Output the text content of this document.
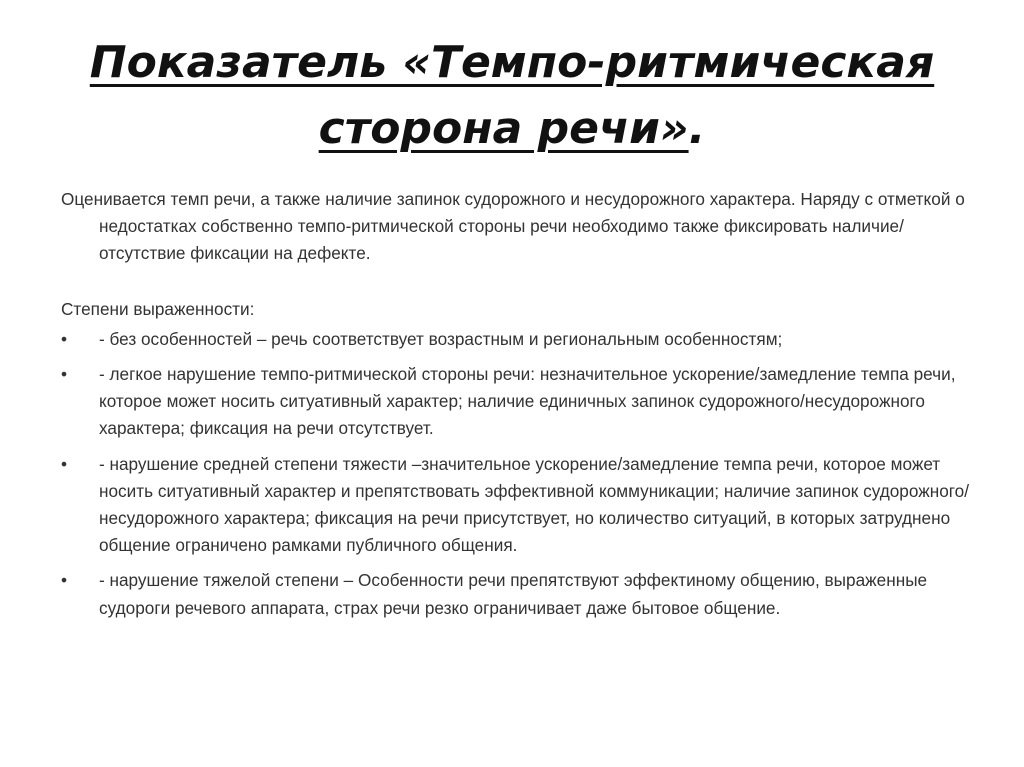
Показатель «Темпо-ритмическая
сторона речи».

Оценивается темп речи, а также наличие запинок судорожного и несудорожного характера. Наряду с отметкой о недостатках собственно темпо-ритмической стороны речи необходимо также фиксировать наличие/отсутствие фиксации на дефекте.

Степени выраженности:

•	- без особенностей – речь соответствует возрастным и региональным особенностям;
•	- легкое нарушение темпо-ритмической стороны речи: незначительное ускорение/замедление темпа речи, которое может носить ситуативный характер; наличие единичных запинок судорожного/несудорожного характера; фиксация на речи отсутствует.
•	- нарушение средней степени тяжести –значительное ускорение/замедление темпа речи, которое может носить ситуативный характер и препятствовать эффективной коммуникации; наличие запинок судорожного/несудорожного характера; фиксация на речи присутствует, но количество ситуаций, в которых затруднено общение ограничено рамками публичного общения.
•	- нарушение тяжелой степени – Особенности речи препятствуют эффектиному общению, выраженные судороги речевого аппарата, страх речи резко ограничивает даже бытовое общение.
